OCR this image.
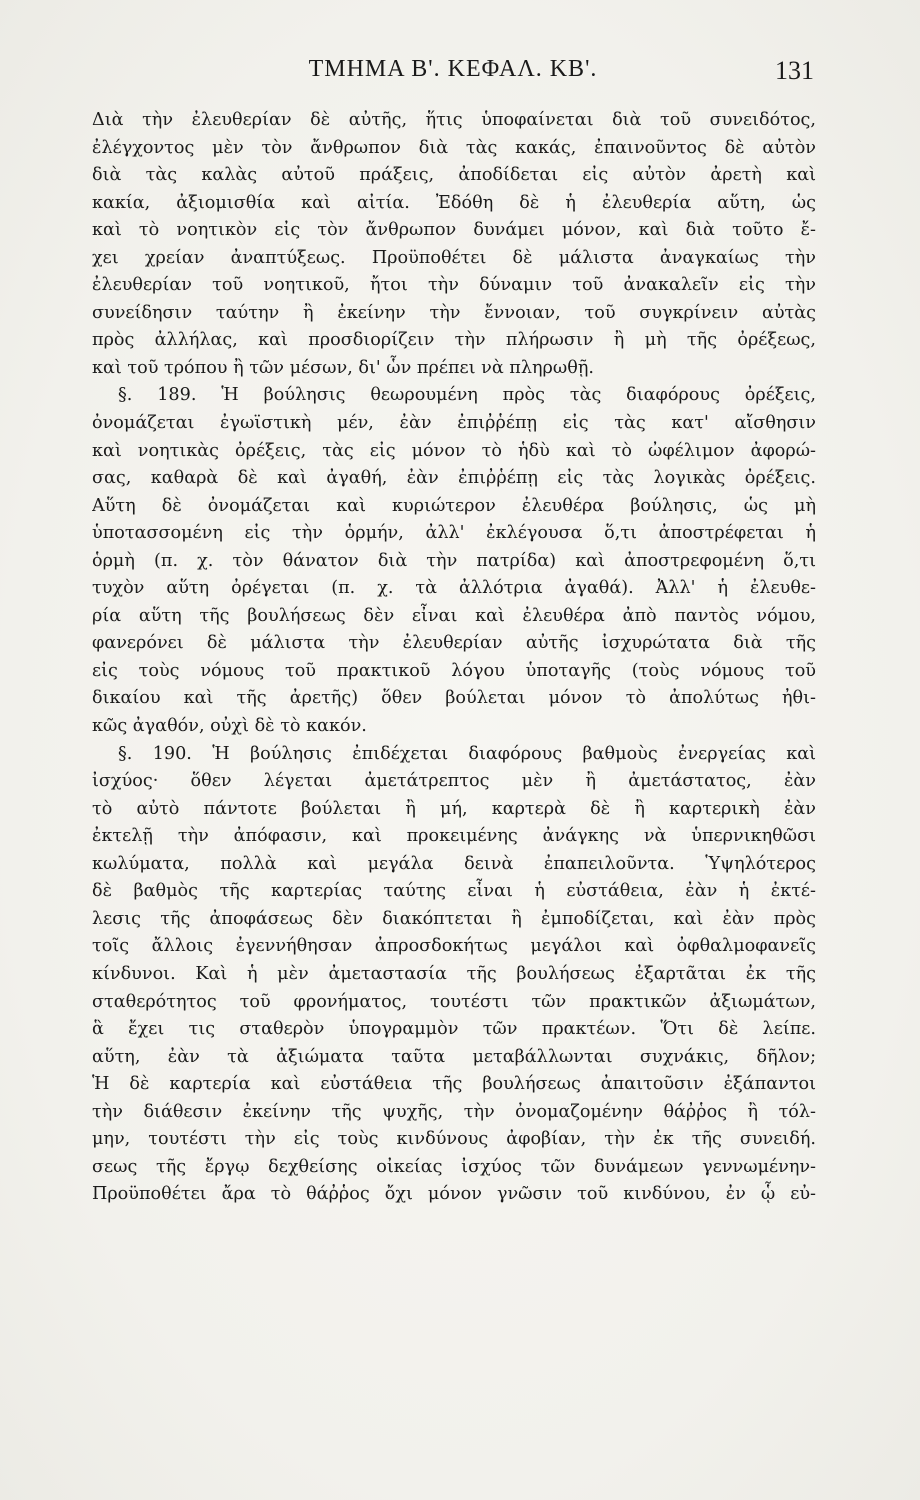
ΤΜΗΜΑ Β'. ΚΕΦΑΛ. ΚΒ'.	131
Διὰ τὴν ἐλευθερίαν δὲ αὐτῆς, ἥτις ὑποφαίνεται διὰ τοῦ συνειδότος,
ἐλέγχοντος μὲν τὸν ἄνθρωπον διὰ τὰς κακάς, ἐπαινοῦντος δὲ αὐτὸν
διὰ τὰς καλὰς αὐτοῦ πράξεις, ἀποδίδεται εἰς αὐτὸν ἀρετὴ καὶ
κακία, ἀξιομισθία καὶ αἰτία. Ἐδόθη δὲ ἡ ἐλευθερία αὕτη, ὡς
καὶ τὸ νοητικὸν εἰς τὸν ἄνθρωπον δυνάμει μόνον, καὶ διὰ τοῦτο ἔ-
χει χρείαν ἀναπτύξεως. Προϋποθέτει δὲ μάλιστα ἀναγκαίως τὴν
ἐλευθερίαν τοῦ νοητικοῦ, ἤτοι τὴν δύναμιν τοῦ ἀνακαλεῖν εἰς τὴν
συνείδησιν ταύτην ἢ ἐκείνην τὴν ἔννοιαν, τοῦ συγκρίνειν αὐτὰς
πρὸς ἀλλήλας, καὶ προσδιορίζειν τὴν πλήρωσιν ἢ μὴ τῆς ὀρέξεως,
καὶ τοῦ τρόπου ἢ τῶν μέσων, δι' ὧν πρέπει νὰ πληρωθῇ.
§. 189. Ἡ βούλησις θεωρουμένη πρὸς τὰς διαφόρους ὀρέξεις,
ὀνομάζεται ἐγωϊστικὴ μέν, ἐὰν ἐπιῤῥέπῃ εἰς τὰς κατ' αἴσθησιν
καὶ νοητικὰς ὀρέξεις, τὰς εἰς μόνον τὸ ἡδὺ καὶ τὸ ὠφέλιμον ἀφορώ-
σας, καθαρὰ δὲ καὶ ἀγαθή, ἐὰν ἐπιῤῥέπῃ εἰς τὰς λογικὰς ὀρέξεις.
Αὕτη δὲ ὀνομάζεται καὶ κυριώτερον ἐλευθέρα βούλησις, ὡς μὴ
ὑποτασσομένη εἰς τὴν ὁρμήν, ἀλλ' ἐκλέγουσα ὅ,τι ἀποστρέφεται ἡ
ὁρμὴ (π. χ. τὸν θάνατον διὰ τὴν πατρίδα) καὶ ἀποστρεφομένη ὅ,τι
τυχὸν αὕτη ὀρέγεται (π. χ. τὰ ἀλλότρια ἀγαθά). Ἀλλ' ἡ ἐλευθε-
ρία αὕτη τῆς βουλήσεως δὲν εἶναι καὶ ἐλευθέρα ἀπὸ παντὸς νόμου,
φανερόνει δὲ μάλιστα τὴν ἐλευθερίαν αὐτῆς ἰσχυρώτατα διὰ τῆς
εἰς τοὺς νόμους τοῦ πρακτικοῦ λόγου ὑποταγῆς (τοὺς νόμους τοῦ
δικαίου καὶ τῆς ἀρετῆς) ὅθεν βούλεται μόνον τὸ ἀπολύτως ἠθι-
κῶς ἀγαθόν, οὐχὶ δὲ τὸ κακόν.
§. 190. Ἡ βούλησις ἐπιδέχεται διαφόρους βαθμοὺς ἐνεργείας καὶ
ἰσχύος· ὅθεν λέγεται ἀμετάτρεπτος μὲν ἢ ἀμετάστατος, ἐὰν
τὸ αὐτὸ πάντοτε βούλεται ἢ μή, καρτερὰ δὲ ἢ καρτερικὴ ἐὰν
ἐκτελῇ τὴν ἀπόφασιν, καὶ προκειμένης ἀνάγκης νὰ ὑπερνικηθῶσι
κωλύματα, πολλὰ καὶ μεγάλα δεινὰ ἐπαπειλοῦντα. Ὑψηλότερος
δὲ βαθμὸς τῆς καρτερίας ταύτης εἶναι ἡ εὐστάθεια, ἐὰν ἡ ἐκτέ-
λεσις τῆς ἀποφάσεως δὲν διακόπτεται ἢ ἐμποδίζεται, καὶ ἐὰν πρὸς
τοῖς ἄλλοις ἐγεννήθησαν ἀπροσδοκήτως μεγάλοι καὶ ὀφθαλμοφανεῖς
κίνδυνοι. Καὶ ἡ μὲν ἀμεταστασία τῆς βουλήσεως ἐξαρτᾶται ἐκ τῆς
σταθερότητος τοῦ φρονήματος, τουτέστι τῶν πρακτικῶν ἀξιωμάτων,
ἃ ἔχει τις σταθερὸν ὑπογραμμὸν τῶν πρακτέων. Ὅτι δὲ λείπε.
αὕτη, ἐὰν τὰ ἀξιώματα ταῦτα μεταβάλλωνται συχνάκις, δῆλον;
Ἡ δὲ καρτερία καὶ εὐστάθεια τῆς βουλήσεως ἀπαιτοῦσιν ἐξάπαντοι
τὴν διάθεσιν ἐκείνην τῆς ψυχῆς, τὴν ὀνομαζομένην θάῤῥος ἢ τόλ-
μην, τουτέστι τὴν εἰς τοὺς κινδύνους ἀφοβίαν, τὴν ἐκ τῆς συνειδή.
σεως τῆς ἔργῳ δεχθείσης οἰκείας ἰσχύος τῶν δυνάμεων γεννωμένην-
Προϋποθέτει ἄρα τὸ θάῤῥος ὄχι μόνον γνῶσιν τοῦ κινδύνου, ἐν ᾧ εὐ-
